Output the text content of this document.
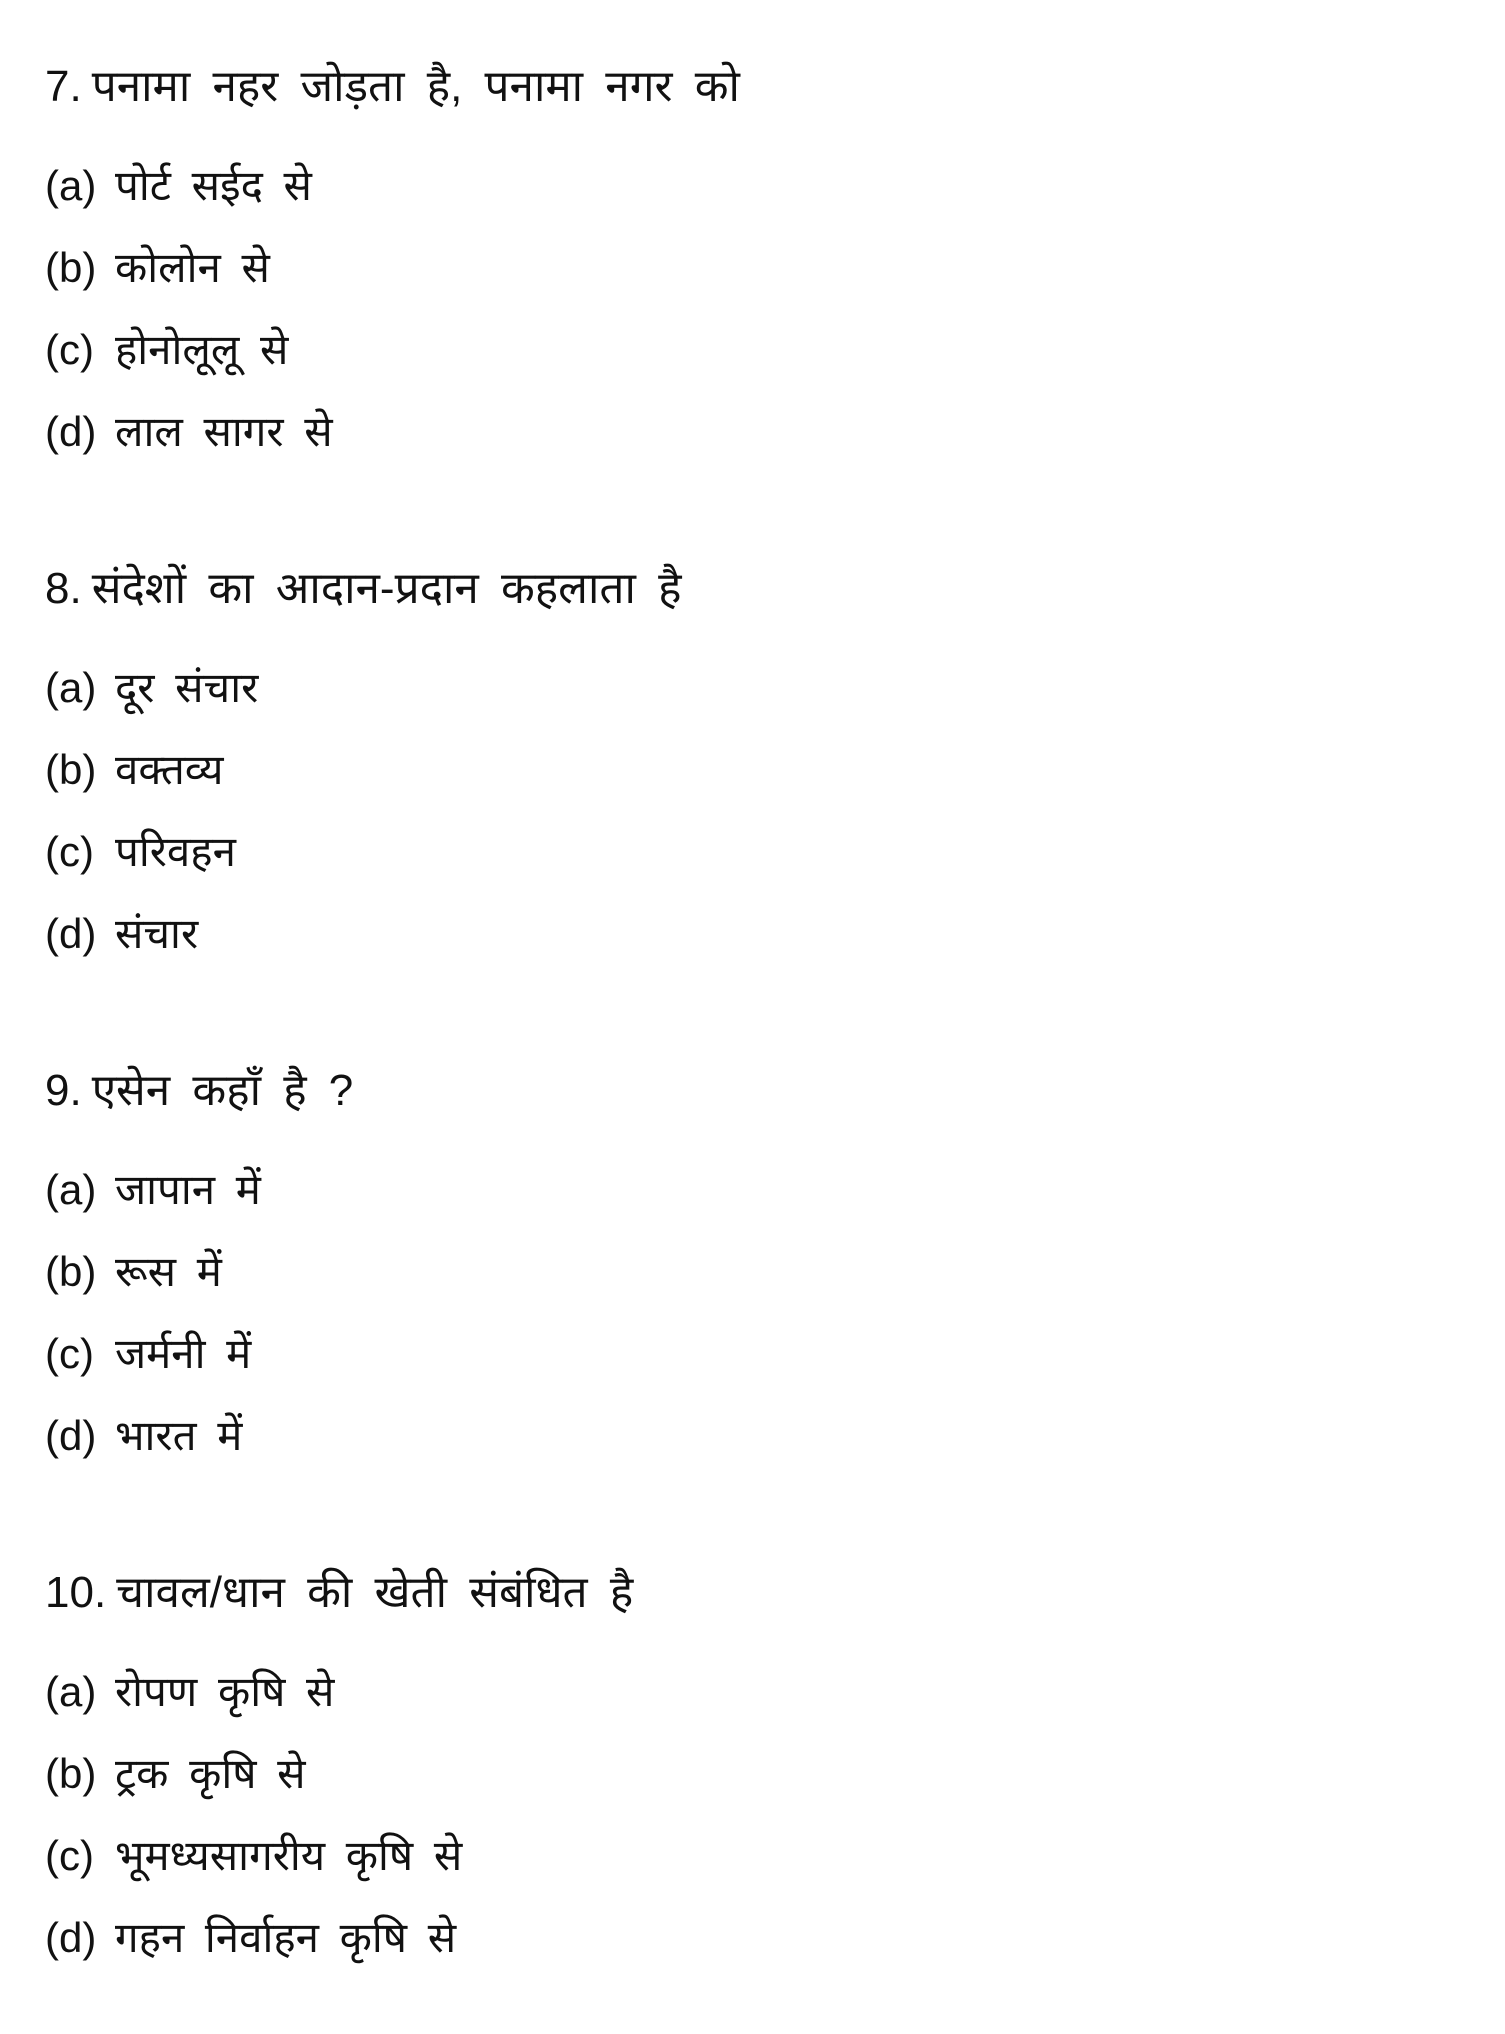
7. पनामा नहर जोड़ता है, पनामा नगर को
(a) पोर्ट सईद से
(b) कोलोन से
(c) होनोलूलू से
(d) लाल सागर से
8. संदेशों का आदान-प्रदान कहलाता है
(a) दूर संचार
(b) वक्तव्य
(c) परिवहन
(d) संचार
9. एसेन कहाँ है ?
(a) जापान में
(b) रूस में
(c) जर्मनी में
(d) भारत में
10. चावल/धान की खेती संबंधित है
(a) रोपण कृषि से
(b) ट्रक कृषि से
(c) भूमध्यसागरीय कृषि से
(d) गहन निर्वाहन कृषि से
